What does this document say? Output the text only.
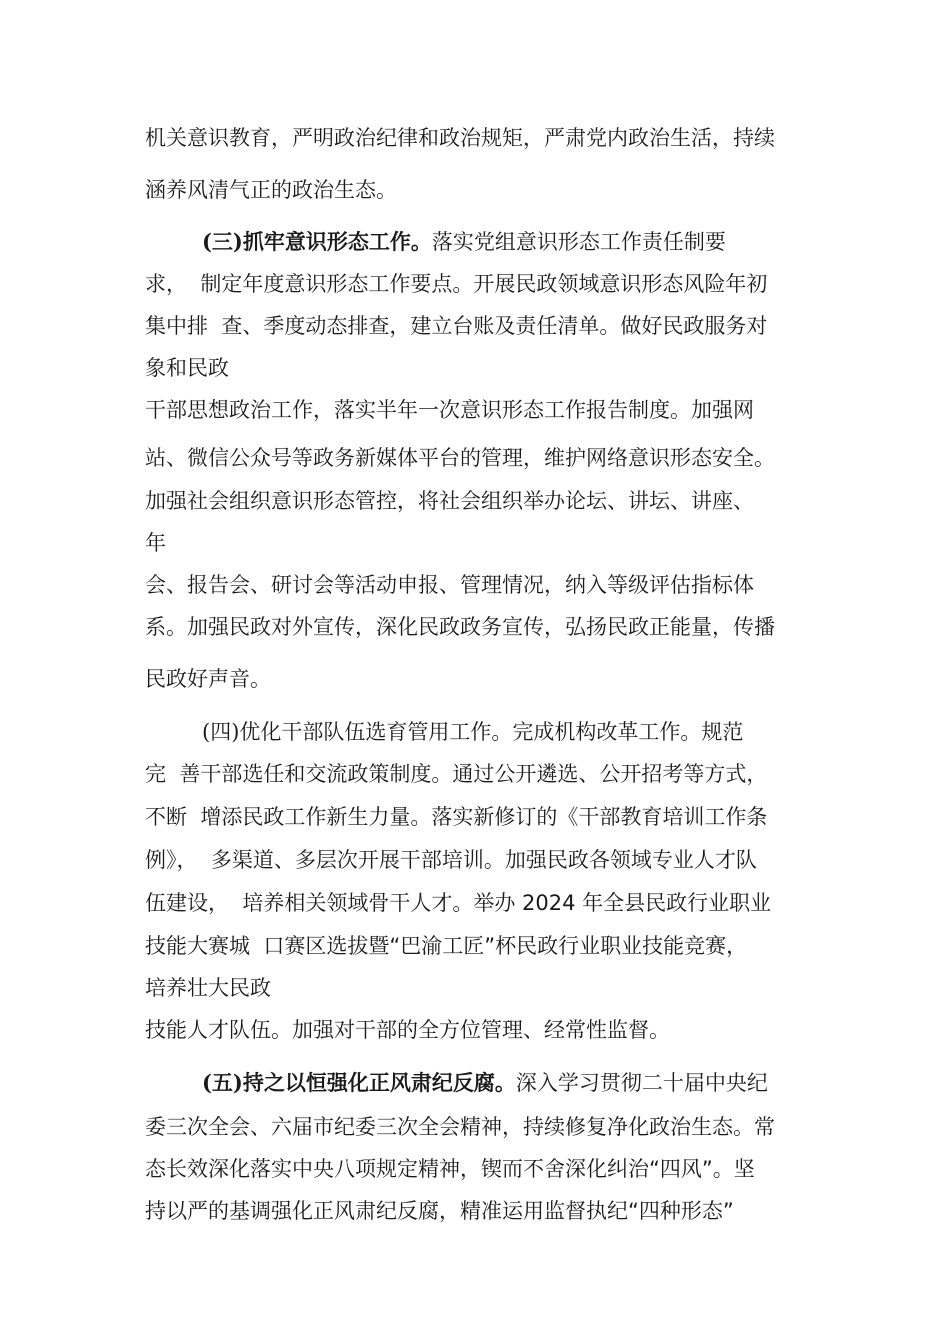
机关意识教育，严明政治纪律和政治规矩，严肃党内政治生活，持续
涵养风清气正的政治生态。
(三)抓牢意识形态工作。落实党组意识形态工作责任制要
求，  制定年度意识形态工作要点。开展民政领域意识形态风险年初
集中排  查、季度动态排查，建立台账及责任清单。做好民政服务对
象和民政
干部思想政治工作，落实半年一次意识形态工作报告制度。加强网
站、微信公众号等政务新媒体平台的管理，维护网络意识形态安全。
加强社会组织意识形态管控，将社会组织举办论坛、讲坛、讲座、
年
会、报告会、研讨会等活动申报、管理情况，纳入等级评估指标体
系。加强民政对外宣传，深化民政政务宣传，弘扬民政正能量，传播
民政好声音。
(四)优化干部队伍选育管用工作。完成机构改革工作。规范
完  善干部选任和交流政策制度。通过公开遴选、公开招考等方式，
不断  增添民政工作新生力量。落实新修订的《干部教育培训工作条
例》，  多渠道、多层次开展干部培训。加强民政各领域专业人才队
伍建设，  培养相关领域骨干人才。举办 2024 年全县民政行业职业
技能大赛城  口赛区选拔暨“巴渝工匠”杯民政行业职业技能竞赛，
培养壮大民政
技能人才队伍。加强对干部的全方位管理、经常性监督。
(五)持之以恒强化正风肃纪反腐。深入学习贯彻二十届中央纪
委三次全会、六届市纪委三次全会精神，持续修复净化政治生态。常
态长效深化落实中央八项规定精神，锲而不舍深化纠治“四风”。坚
持以严的基调强化正风肃纪反腐，精准运用监督执纪“四种形态”
